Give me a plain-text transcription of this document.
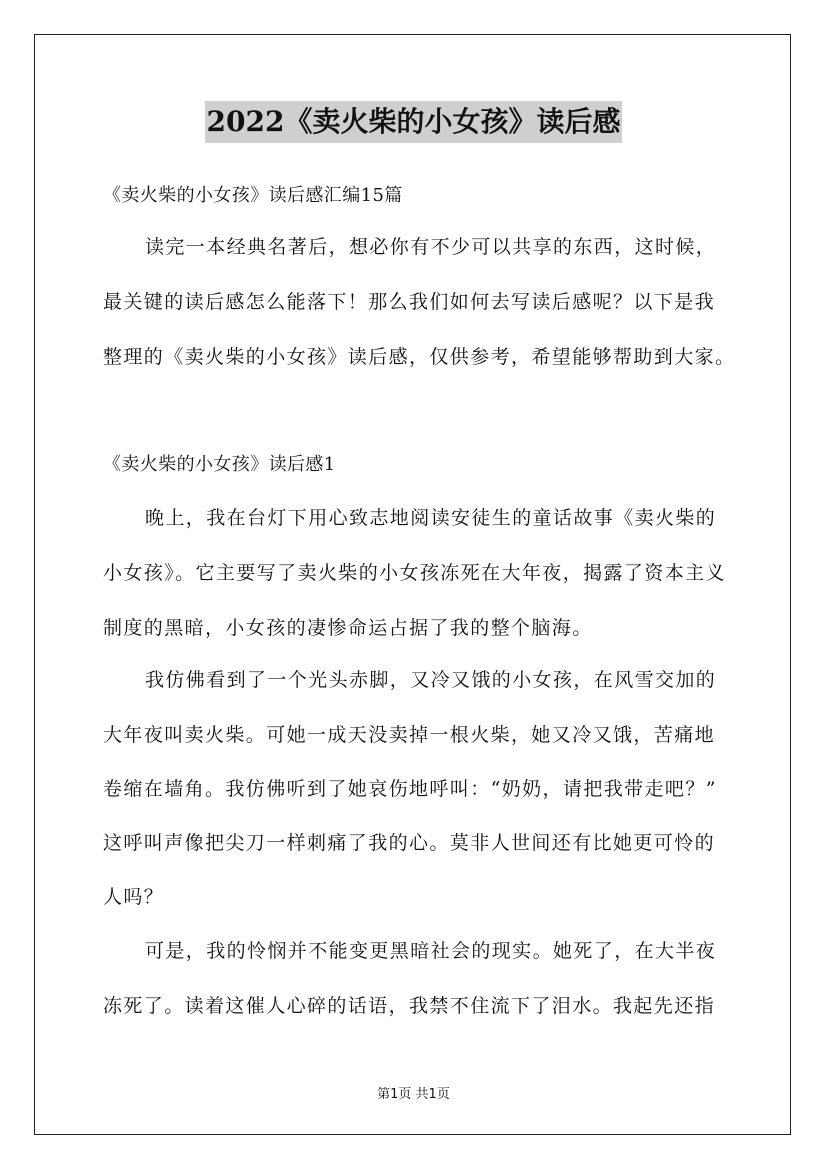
2022《卖火柴的小女孩》读后感
《卖火柴的小女孩》读后感汇编15篇
读完一本经典名著后，想必你有不少可以共享的东西，这时候，
最关键的读后感怎么能落下！那么我们如何去写读后感呢？以下是我
整理的《卖火柴的小女孩》读后感，仅供参考，希望能够帮助到大家。
《卖火柴的小女孩》读后感1
晚上，我在台灯下用心致志地阅读安徒生的童话故事《卖火柴的
小女孩》。它主要写了卖火柴的小女孩冻死在大年夜，揭露了资本主义
制度的黑暗，小女孩的凄惨命运占据了我的整个脑海。
我仿佛看到了一个光头赤脚，又冷又饿的小女孩，在风雪交加的
大年夜叫卖火柴。可她一成天没卖掉一根火柴，她又冷又饿，苦痛地
卷缩在墙角。我仿佛听到了她哀伤地呼叫：“奶奶，请把我带走吧？”
这呼叫声像把尖刀一样刺痛了我的心。莫非人世间还有比她更可怜的
人吗？
可是，我的怜悯并不能变更黑暗社会的现实。她死了，在大半夜
冻死了。读着这催人心碎的话语，我禁不住流下了泪水。我起先还指
第1页 共1页
